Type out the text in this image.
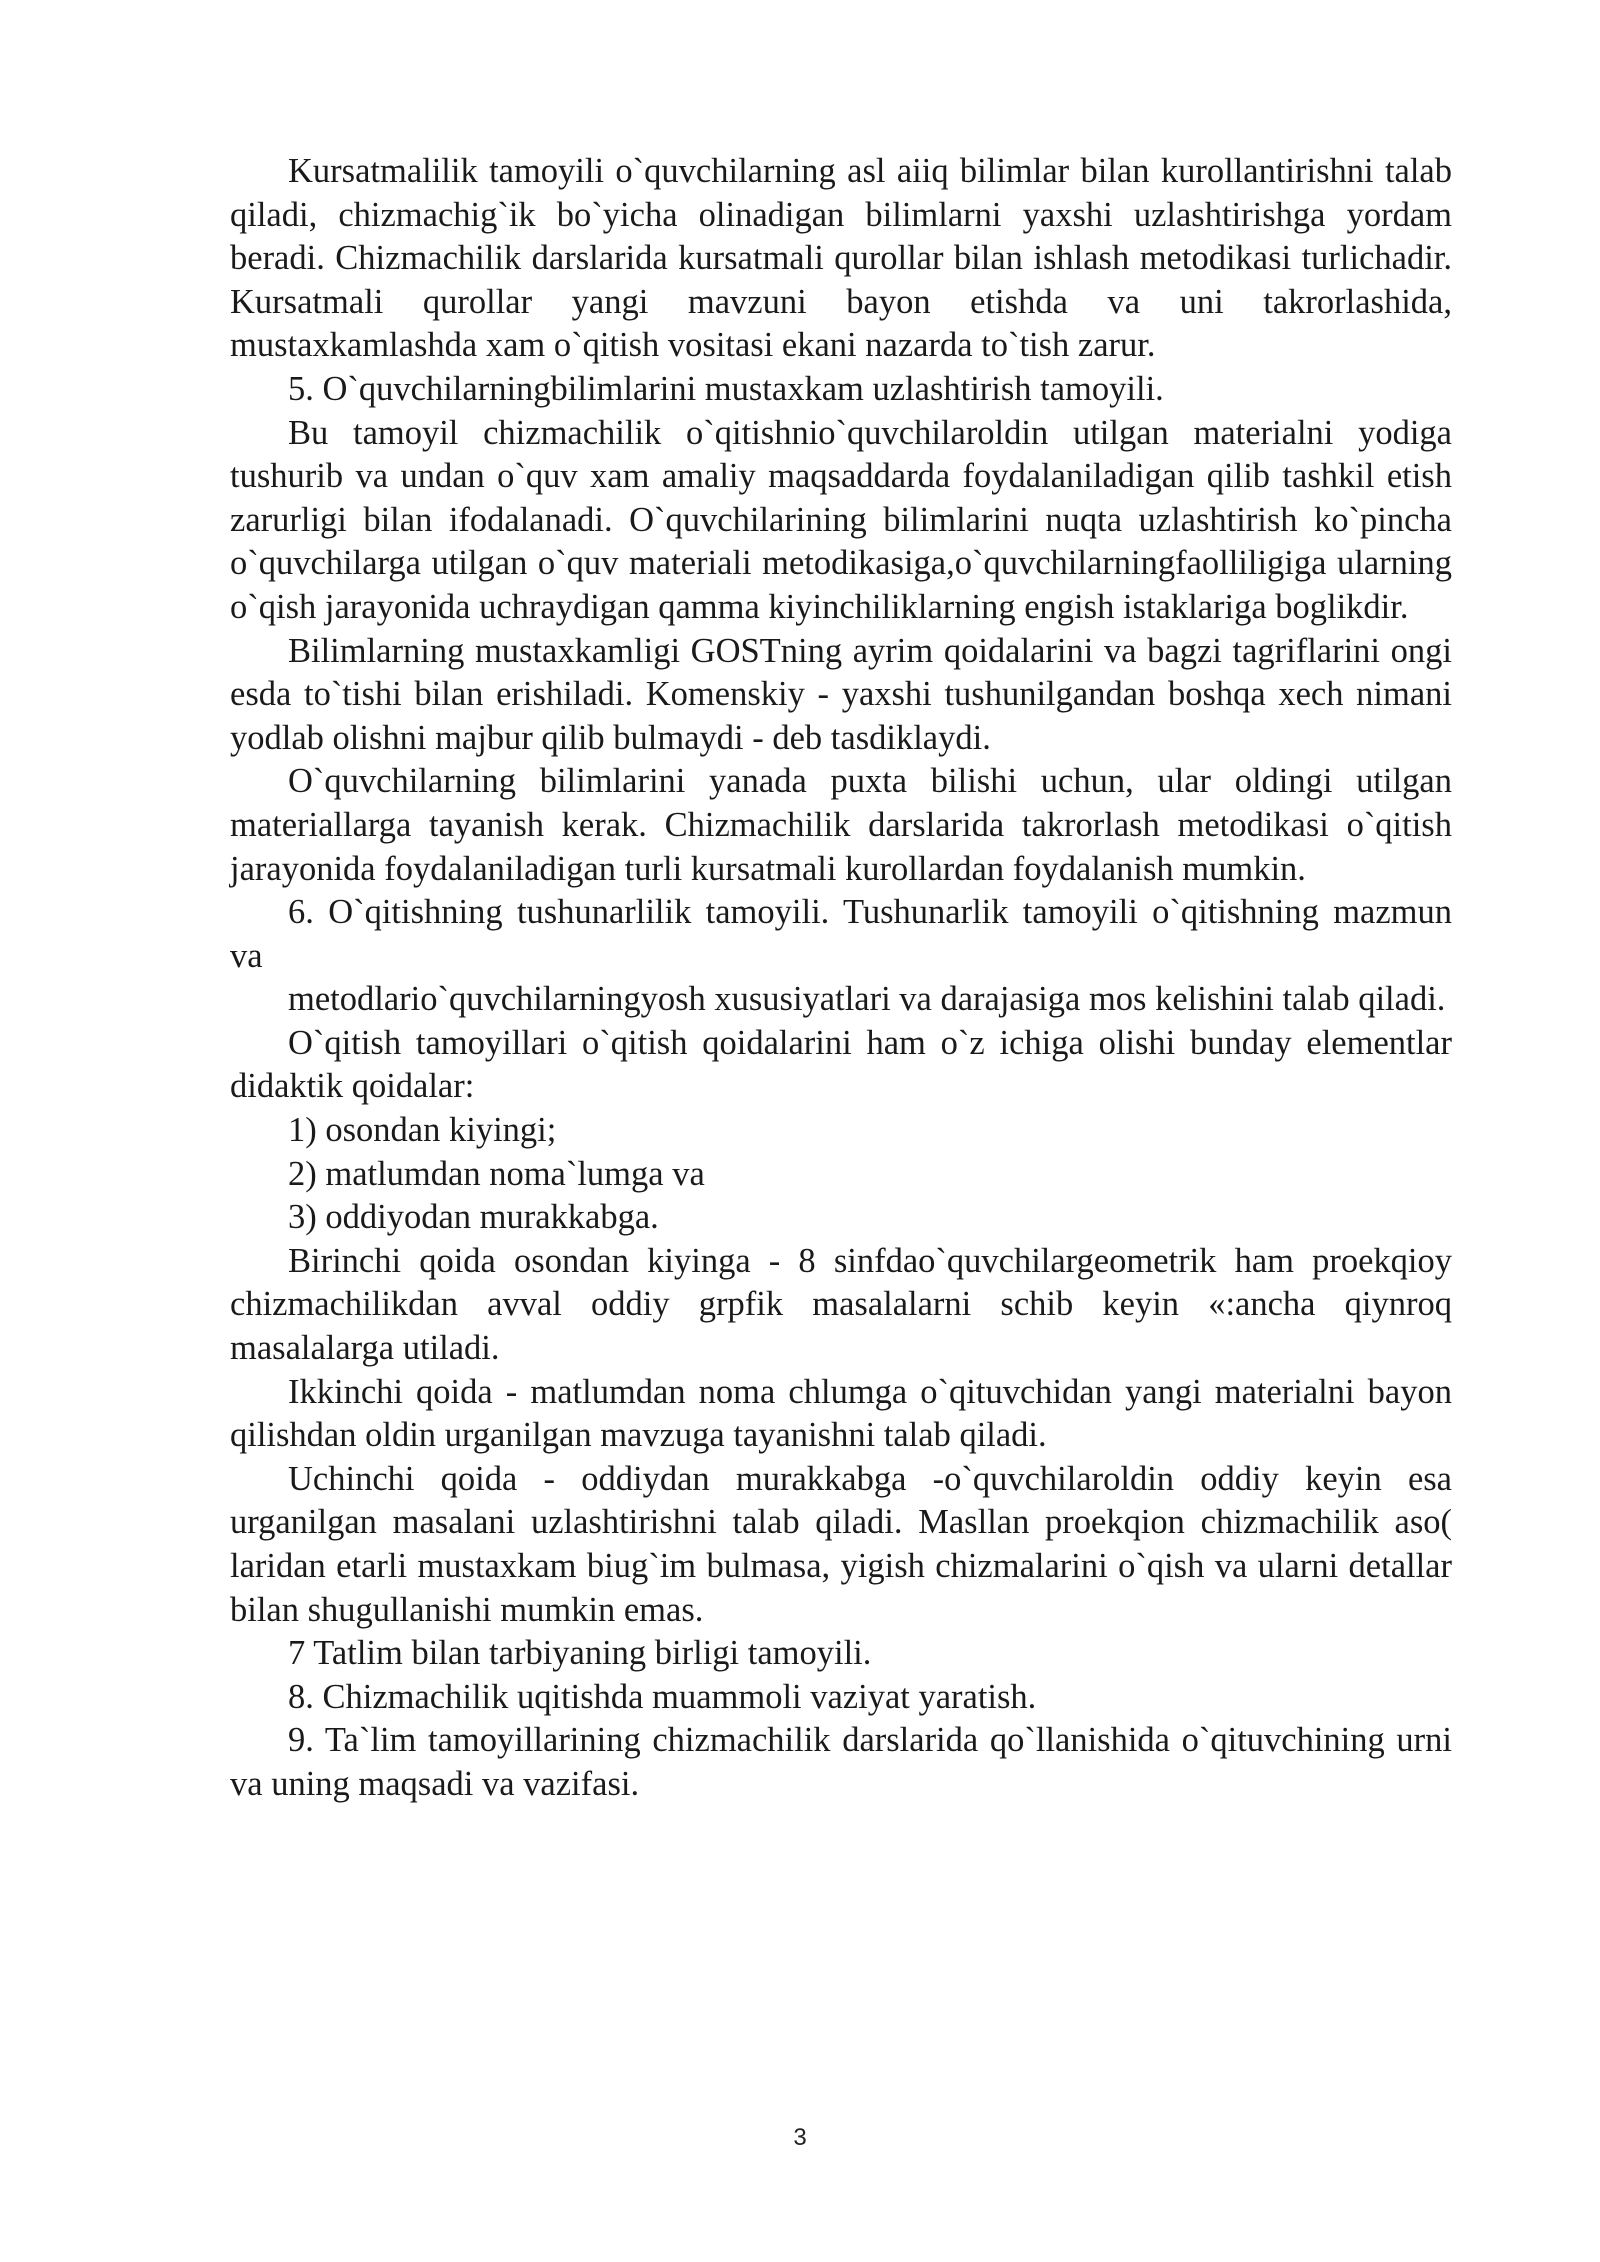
Kursatmalilik tamoyili o`quvchilarning asl aiiq bilimlar bilan kurollantirishni talab qiladi, chizmachig`ik bo`yicha olinadigan bilimlarni yaxshi uzlashtirishga yordam beradi. Chizmachilik darslarida kursatmali qurollar bilan ishlash metodikasi turlichadir. Kursatmali qurollar yangi mavzuni bayon etishda va uni takrorlashida, mustaxkamlashda xam o`qitish vositasi ekani nazarda to`tish zarur.

5. O`quvchilarningbilimlarini mustaxkam uzlashtirish tamoyili.

Bu tamoyil chizmachilik o`qitishnio`quvchilaroldin utilgan materialni yodiga tushurib va undan o`quv xam amaliy maqsaddarda foydalaniladigan qilib tashkil etish zarurligi bilan ifodalanadi. O`quvchilarining bilimlarini nuqta uzlashtirish ko`pincha o`quvchilarga utilgan o`quv materiali metodikasiga,o`quvchilarningfaolliligiga ularning o`qish jarayonida uchraydigan qamma kiyinchiliklarning engish istaklariga boglikdir.

Bilimlarning mustaxkamligi GOSTning ayrim qoidalarini va bagzi tagriflarini ongi esda to`tishi bilan erishiladi. Komenskiy - yaxshi tushunilgandan boshqa xech nimani yodlab olishni majbur qilib bulmaydi - deb tasdiklaydi.

O`quvchilarning bilimlarini yanada puxta bilishi uchun, ular oldingi utilgan materiallarga tayanish kerak. Chizmachilik darslarida takrorlash metodikasi o`qitish jarayonida foydalaniladigan turli kursatmali kurollardan foydalanish mumkin.

6. O`qitishning tushunarlilik tamoyili. Tushunarlik tamoyili o`qitishning mazmun va

metodlario`quvchilarningyosh xususiyatlari va darajasiga mos kelishini talab qiladi.

O`qitish tamoyillari o`qitish qoidalarini ham o`z ichiga olishi bunday elementlar didaktik qoidalar:

1) osondan kiyingi;

2) matlumdan noma`lumga va

3) oddiyodan murakkabga.

Birinchi qoida osondan kiyinga - 8 sinfdao`quvchilargeometrik ham proekqioy chizmachilikdan avval oddiy grpfik masalalarni schib keyin «:ancha qiynroq masalalarga utiladi.

Ikkinchi qoida - matlumdan noma chlumga o`qituvchidan yangi materialni bayon qilishdan oldin urganilgan mavzuga tayanishni talab qiladi.

Uchinchi qoida - oddiydan murakkabga -o`quvchilaroldin oddiy keyin esa urganilgan masalani uzlashtirishni talab qiladi. Masllan proekqion chizmachilik aso( laridan etarli mustaxkam biug`im bulmasa, yigish chizmalarini o`qish va ularni detallar bilan shugullanishi mumkin emas.

7 Tatlim bilan tarbiyaning birligi tamoyili.

8. Chizmachilik uqitishda muammoli vaziyat yaratish.

9. Ta`lim tamoyillarining chizmachilik darslarida qo`llanishida o`qituvchining urni va uning maqsadi va vazifasi.

3
